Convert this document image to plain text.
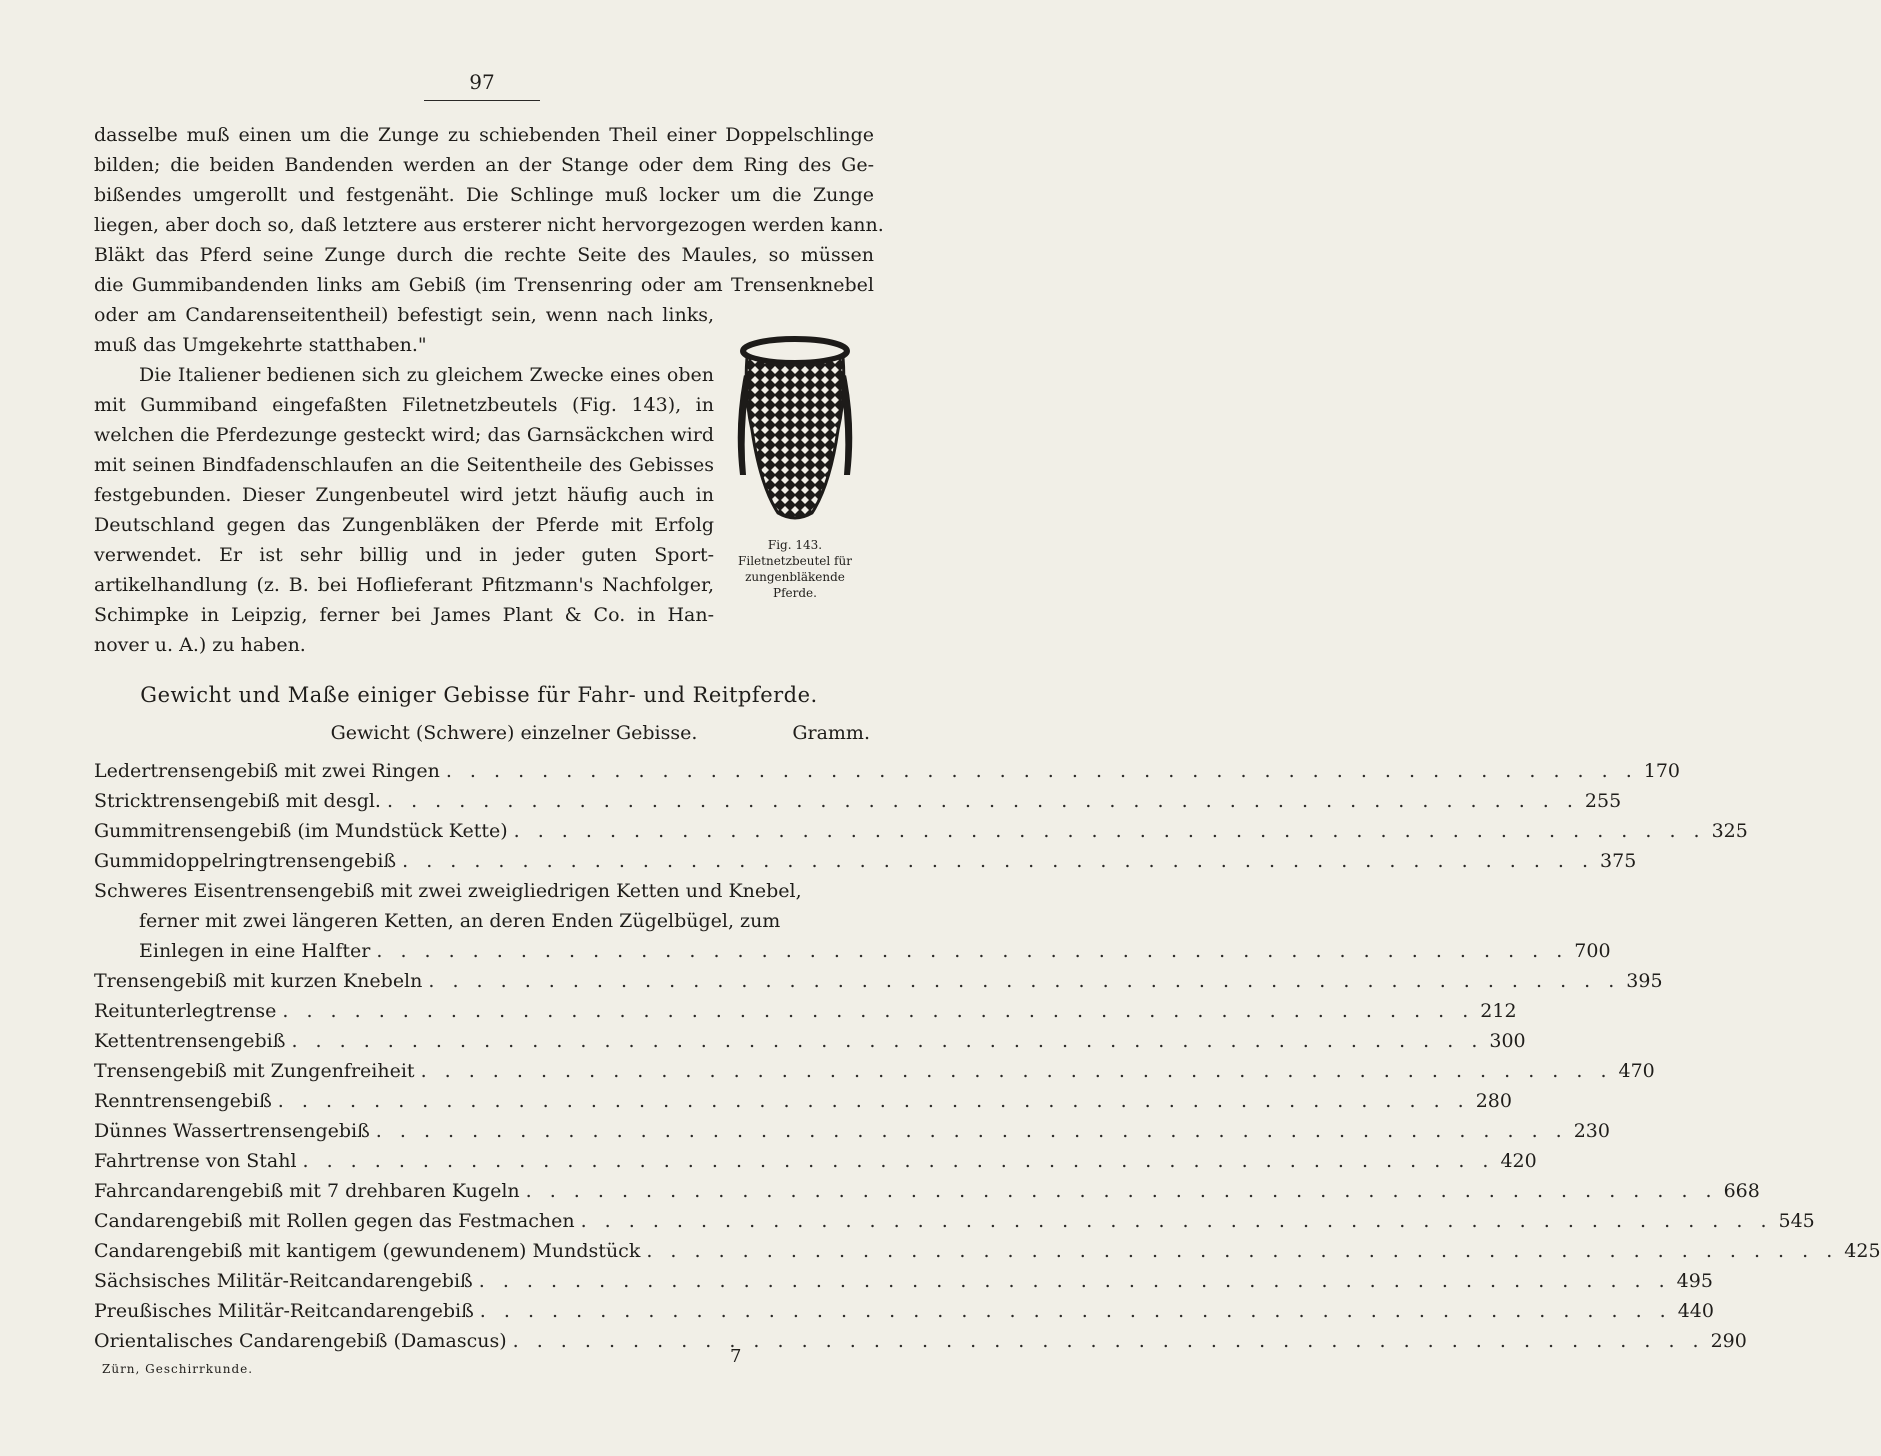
97
dasselbe muß einen um die Zunge zu schiebenden Theil einer Doppelschlinge
bilden; die beiden Bandenden werden an der Stange oder dem Ring des Ge-
bißendes umgerollt und festgenäht. Die Schlinge muß locker um die Zunge
liegen, aber doch so, daß letztere aus ersterer nicht hervorgezogen werden kann.
Bläkt das Pferd seine Zunge durch die rechte Seite des Maules, so müssen
die Gummibandenden links am Gebiß (im Trensenring oder am Trensenknebel
oder am Candarenseitentheil) befestigt sein, wenn nach links,
muß das Umgekehrte statthaben."
Die Italiener bedienen sich zu gleichem Zwecke eines oben
mit Gummiband eingefaßten Filetnetzbeutels (Fig. 143), in
welchen die Pferdezunge gesteckt wird; das Garnsäckchen wird
mit seinen Bindfadenschlaufen an die Seitentheile des Gebisses
festgebunden. Dieser Zungenbeutel wird jetzt häufig auch in
Deutschland gegen das Zungenbläken der Pferde mit Erfolg
verwendet. Er ist sehr billig und in jeder guten Sport-
artikelhandlung (z. B. bei Hoflieferant Pfitzmann's Nachfolger,
Schimpke in Leipzig, ferner bei James Plant & Co. in Han-
nover u. A.) zu haben.
Fig. 143.
Filetnetzbeutel für
zungenbläkende
Pferde.
Gewicht und Maße einiger Gebisse für Fahr- und Reitpferde.
Gewicht (Schwere) einzelner Gebisse.	Gramm.
Ledertrensengebiß mit zwei Ringen . . . . . . . . . . . . . . . . . . . . . . . . . . . . . . . . . . . . . . . . . . . . . . . . . . 170
Stricktrensengebiß mit desgl. . . . . . . . . . . . . . . . . . . . . . . . . . . . . . . . . . . . . . . . . . . . . . . . . . . 255
Gummitrensengebiß (im Mundstück Kette) . . . . . . . . . . . . . . . . . . . . . . . . . . . . . . . . . . . . . . . . . . . . . . . . . . 325
Gummidoppelringtrensengebiß . . . . . . . . . . . . . . . . . . . . . . . . . . . . . . . . . . . . . . . . . . . . . . . . . . 375
Schweres Eisentrensengebiß mit zwei zweigliedrigen Ketten und Knebel,
ferner mit zwei längeren Ketten, an deren Enden Zügelbügel, zum
Einlegen in eine Halfter . . . . . . . . . . . . . . . . . . . . . . . . . . . . . . . . . . . . . . . . . . . . . . . . . . 700
Trensengebiß mit kurzen Knebeln . . . . . . . . . . . . . . . . . . . . . . . . . . . . . . . . . . . . . . . . . . . . . . . . . . 395
Reitunterlegtrense . . . . . . . . . . . . . . . . . . . . . . . . . . . . . . . . . . . . . . . . . . . . . . . . . . 212
Kettentrensengebiß . . . . . . . . . . . . . . . . . . . . . . . . . . . . . . . . . . . . . . . . . . . . . . . . . . 300
Trensengebiß mit Zungenfreiheit . . . . . . . . . . . . . . . . . . . . . . . . . . . . . . . . . . . . . . . . . . . . . . . . . . 470
Renntrensengebiß . . . . . . . . . . . . . . . . . . . . . . . . . . . . . . . . . . . . . . . . . . . . . . . . . . 280
Dünnes Wassertrensengebiß . . . . . . . . . . . . . . . . . . . . . . . . . . . . . . . . . . . . . . . . . . . . . . . . . . 230
Fahrtrense von Stahl . . . . . . . . . . . . . . . . . . . . . . . . . . . . . . . . . . . . . . . . . . . . . . . . . . 420
Fahrcandarengebiß mit 7 drehbaren Kugeln . . . . . . . . . . . . . . . . . . . . . . . . . . . . . . . . . . . . . . . . . . . . . . . . . . 668
Candarengebiß mit Rollen gegen das Festmachen . . . . . . . . . . . . . . . . . . . . . . . . . . . . . . . . . . . . . . . . . . . . . . . . . . 545
Candarengebiß mit kantigem (gewundenem) Mundstück . . . . . . . . . . . . . . . . . . . . . . . . . . . . . . . . . . . . . . . . . . . . . . . . . . 425
Sächsisches Militär-Reitcandarengebiß . . . . . . . . . . . . . . . . . . . . . . . . . . . . . . . . . . . . . . . . . . . . . . . . . . 495
Preußisches Militär-Reitcandarengebiß . . . . . . . . . . . . . . . . . . . . . . . . . . . . . . . . . . . . . . . . . . . . . . . . . . 440
Orientalisches Candarengebiß (Damascus) . . . . . . . . . . . . . . . . . . . . . . . . . . . . . . . . . . . . . . . . . . . . . . . . . . 290
Zürn, Geschirrkunde.
7
